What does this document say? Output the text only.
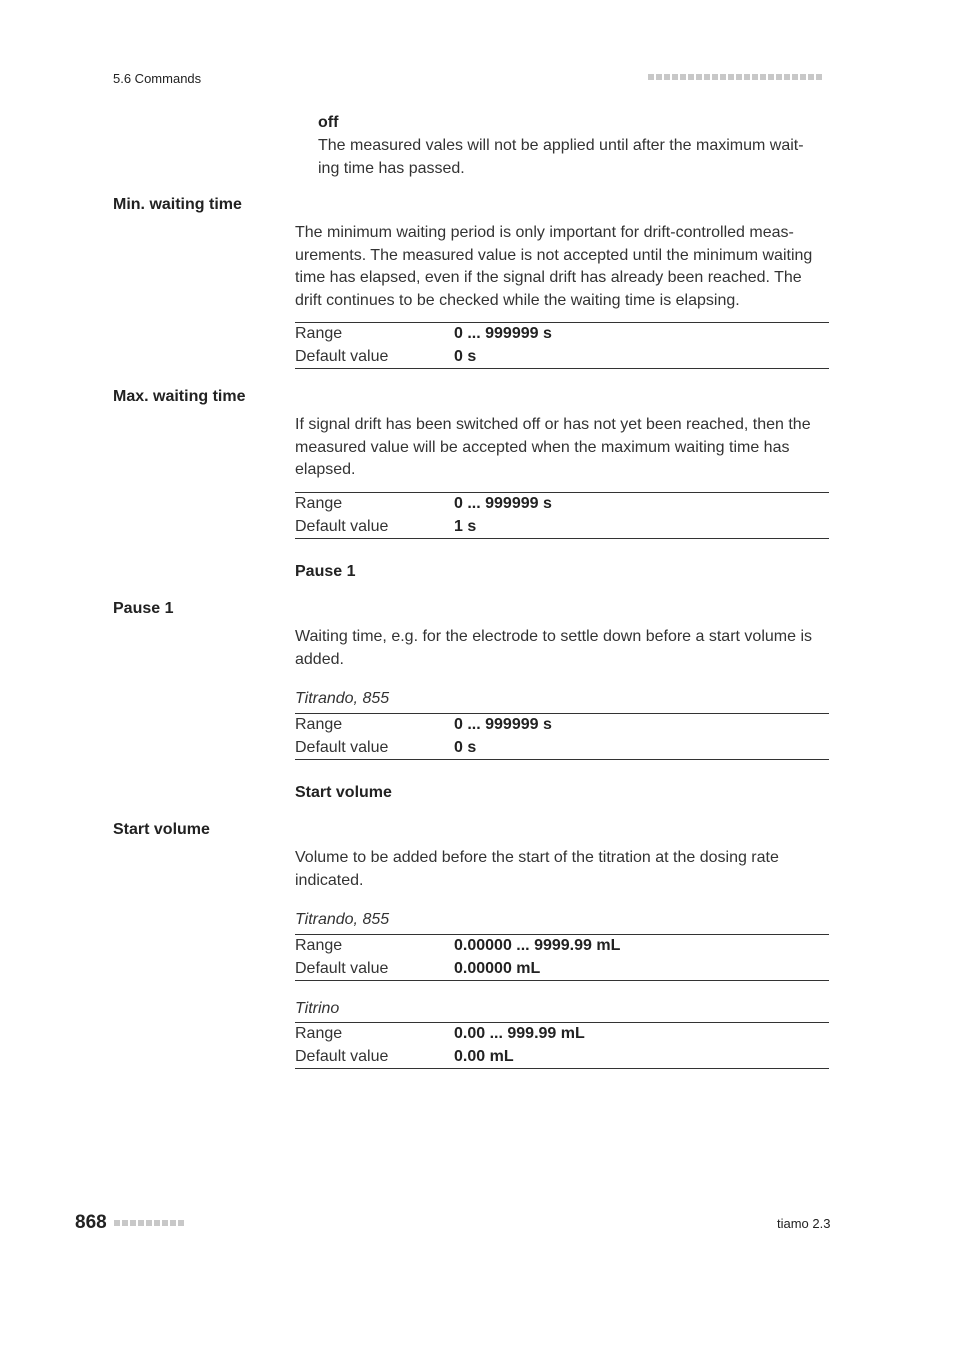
5.6 Commands
off
The measured vales will not be applied until after the maximum wait-ing time has passed.
Min. waiting time
The minimum waiting period is only important for drift-controlled meas-urements. The measured value is not accepted until the minimum waiting time has elapsed, even if the signal drift has already been reached. The drift continues to be checked while the waiting time is elapsing.
Range	0 ... 999999 s
Default value	0 s
Max. waiting time
If signal drift has been switched off or has not yet been reached, then the measured value will be accepted when the maximum waiting time has elapsed.
Range	0 ... 999999 s
Default value	1 s
Pause 1
Pause 1
Waiting time, e.g. for the electrode to settle down before a start volume is added.
Titrando, 855
Range	0 ... 999999 s
Default value	0 s
Start volume
Start volume
Volume to be added before the start of the titration at the dosing rate indicated.
Titrando, 855
Range	0.00000 ... 9999.99 mL
Default value	0.00000 mL
Titrino
Range	0.00 ... 999.99 mL
Default value	0.00 mL
868	tiamo 2.3
